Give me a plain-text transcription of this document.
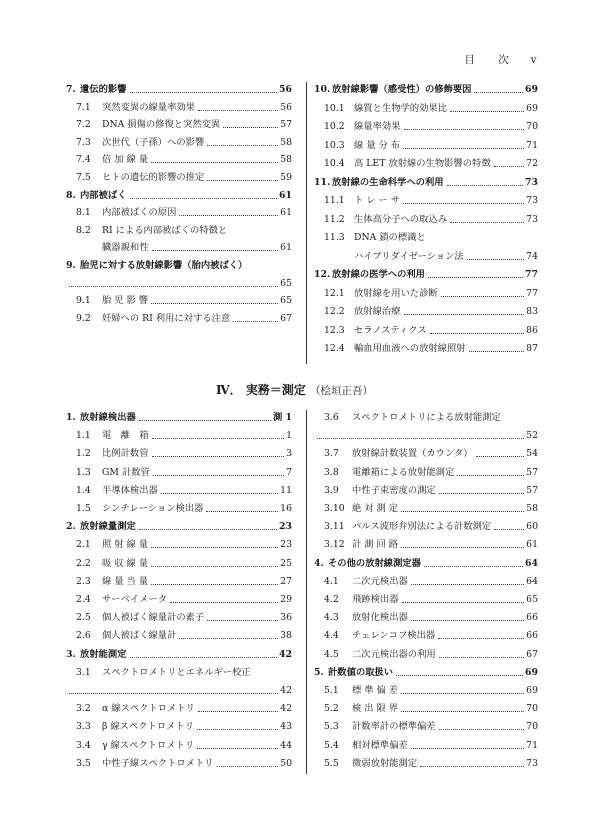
目 次 v
7. 遺伝的影響	56
7.1	突然変異の線量率効果	56
7.2	DNA 損傷の修復と突然変異	57
7.3	次世代（子孫）への影響	58
7.4	倍 加 線 量	58
7.5	ヒトの遺伝的影響の推定	59
8. 内部被ばく	61
8.1	内部被ばくの原因	61
8.2	RI による内部被ばくの特徴と
臓器親和性	61
9. 胎児に対する放射線影響（胎内被ばく）
65
9.1	胎 児 影 響	65
9.2	妊婦への RI 利用に対する注意	67
10. 放射線影響（感受性）の修飾要因	69
10.1 線質と生物学的効果比	69
10.2 線量率効果	70
10.3 線 量 分 布	71
10.4 高 LET 放射線の生物影響の特徴	72
11. 放射線の生命科学への利用	73
11.1 ト レ ー サ	73
11.2 生体高分子への取込み	73
11.3 DNA 鎖の標識と
ハイブリダイゼーション法	74
12. 放射線の医学への利用	77
12.1 放射線を用いた診断	77
12.2 放射線治療	83
12.3 セラノスティクス	86
12.4 輸血用血液への放射線照射	87
Ⅳ． 実務＝測定 （桧垣正吾）
1. 放射線検出器	測 1
1.1	電　離　箱	1
1.2	比例計数管	3
1.3	GM 計数管	7
1.4	半導体検出器	11
1.5	シンチレーション検出器	16
2. 放射線量測定	23
2.1	照 射 線 量	23
2.2	吸 収 線 量	25
2.3	線 量 当 量	27
2.4	サーベイメータ	29
2.5	個人被ばく線量計の素子	36
2.6	個人被ばく線量計	38
3. 放射能測定	42
3.1	スペクトロメトリとエネルギー校正
42
3.2	α 線スペクトロメトリ	42
3.3	β 線スペクトロメトリ	43
3.4	γ 線スペクトロメトリ	44
3.5	中性子線スペクトロメトリ	50
3.6	スペクトロメトリによる放射能測定
52
3.7	放射線計数装置（カウンタ）	54
3.8	電離箱による放射能測定	57
3.9	中性子束密度の測定	57
3.10 絶 対 測 定	58
3.11 パルス波形弁別法による計数測定	60
3.12 計 測 回 路	61
4. その他の放射線測定器	64
4.1	二次元検出器	64
4.2	飛跡検出器	65
4.3	放射化検出器	66
4.4	チェレンコフ検出器	66
4.5	二次元検出器の利用	67
5. 計数値の取扱い	69
5.1	標 準 偏 差	69
5.2	検 出 限 界	70
5.3	計数率計の標準偏差	70
5.4	相対標準偏差	71
5.5	微弱放射能測定	73
